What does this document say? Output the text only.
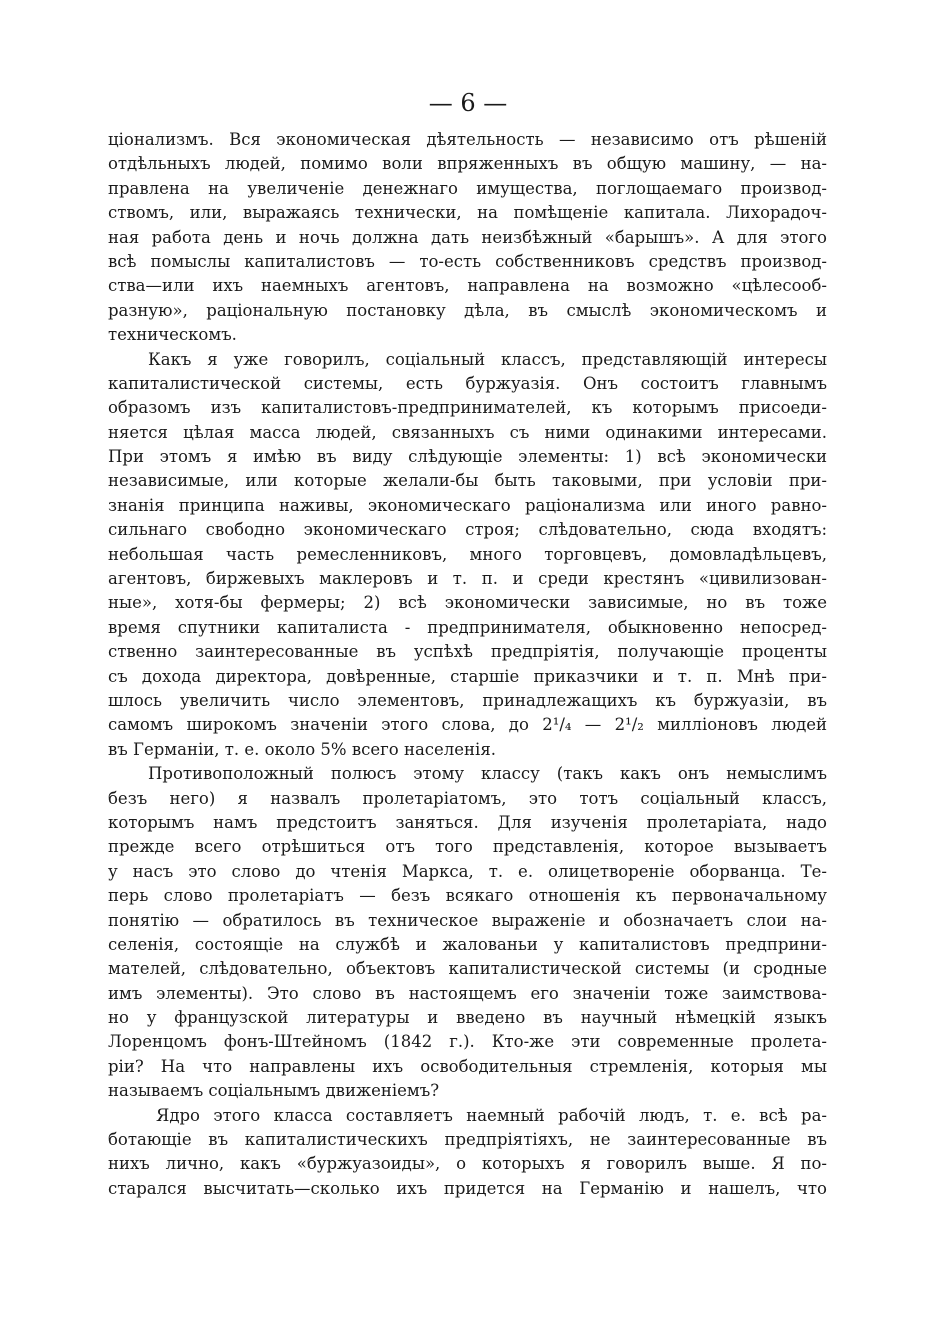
— 6 —
ціонализмъ. Вся экономическая дѣятельность — независимо отъ рѣшеній
отдѣльныхъ людей, помимо воли впряженныхъ въ общую машину, — на-
правлена на увеличеніе денежнаго имущества, поглощаемаго производ-
ствомъ, или, выражаясь технически, на помѣщеніе капитала. Лихорадоч-
ная работа день и ночь должна дать неизбѣжный «барышъ». А для этого
всѣ помыслы капиталистовъ — то-есть собственниковъ средствъ производ-
ства—или ихъ наемныхъ агентовъ, направлена на возможно «цѣлесооб-
разную», раціональную постановку дѣла, въ смыслѣ экономическомъ и
техническомъ.
Какъ я уже говорилъ, соціальный классъ, представляющій интересы
капиталистической системы, есть буржуазія. Онъ состоитъ главнымъ
образомъ изъ капиталистовъ-предпринимателей, къ которымъ присоеди-
няется цѣлая масса людей, связанныхъ съ ними одинакими интересами.
При этомъ я имѣю въ виду слѣдующіе элементы: 1) всѣ экономически
независимые, или которые желали-бы быть таковыми, при условіи при-
знанія принципа наживы, экономическаго раціонализма или иного равно-
сильнаго свободно экономическаго строя; слѣдовательно, сюда входятъ:
небольшая часть ремесленниковъ, много торговцевъ, домовладѣльцевъ,
агентовъ, биржевыхъ маклеровъ и т. п. и среди крестянъ «цивилизован-
ные», хотя-бы фермеры; 2) всѣ экономически зависимые, но въ тоже
время спутники капиталиста - предпринимателя, обыкновенно непосред-
ственно заинтересованные въ успѣхѣ предпріятія, получающіе проценты
съ дохода директора, довѣренные, старшіе приказчики и т. п. Мнѣ при-
шлось увеличить число элементовъ, принадлежащихъ къ буржуазіи, въ
самомъ широкомъ значеніи этого слова, до 2¹/₄ — 2¹/₂ милліоновъ людей
въ Германіи, т. е. около 5% всего населенія.
Противоположный полюсъ этому классу (такъ какъ онъ немыслимъ
безъ него) я назвалъ пролетаріатомъ, это тотъ соціальный классъ,
которымъ намъ предстоитъ заняться. Для изученія пролетаріата, надо
прежде всего отрѣшиться отъ того представленія, которое вызываетъ
у насъ это слово до чтенія Маркса, т. е. олицетвореніе оборванца. Те-
перь слово пролетаріатъ — безъ всякаго отношенія къ первоначальному
понятію — обратилось въ техническое выраженіе и обозначаетъ слои на-
селенія, состоящіе на службѣ и жалованьи у капиталистовъ предприни-
мателей, слѣдовательно, объектовъ капиталистической системы (и сродные
имъ элементы). Это слово въ настоящемъ его значеніи тоже заимствова-
но у французской литературы и введено въ научный нѣмецкій языкъ
Лоренцомъ фонъ-Штейномъ (1842 г.). Кто-же эти современные пролета-
ріи? На что направлены ихъ освободительныя стремленія, которыя мы
называемъ соціальнымъ движеніемъ?
Ядро этого класса составляетъ наемный рабочій людъ, т. е. всѣ ра-
ботающіе въ капиталистическихъ предпріятіяхъ, не заинтересованные въ
нихъ лично, какъ «буржуазоиды», о которыхъ я говорилъ выше. Я по-
старался высчитать—сколько ихъ придется на Германію и нашелъ, что
